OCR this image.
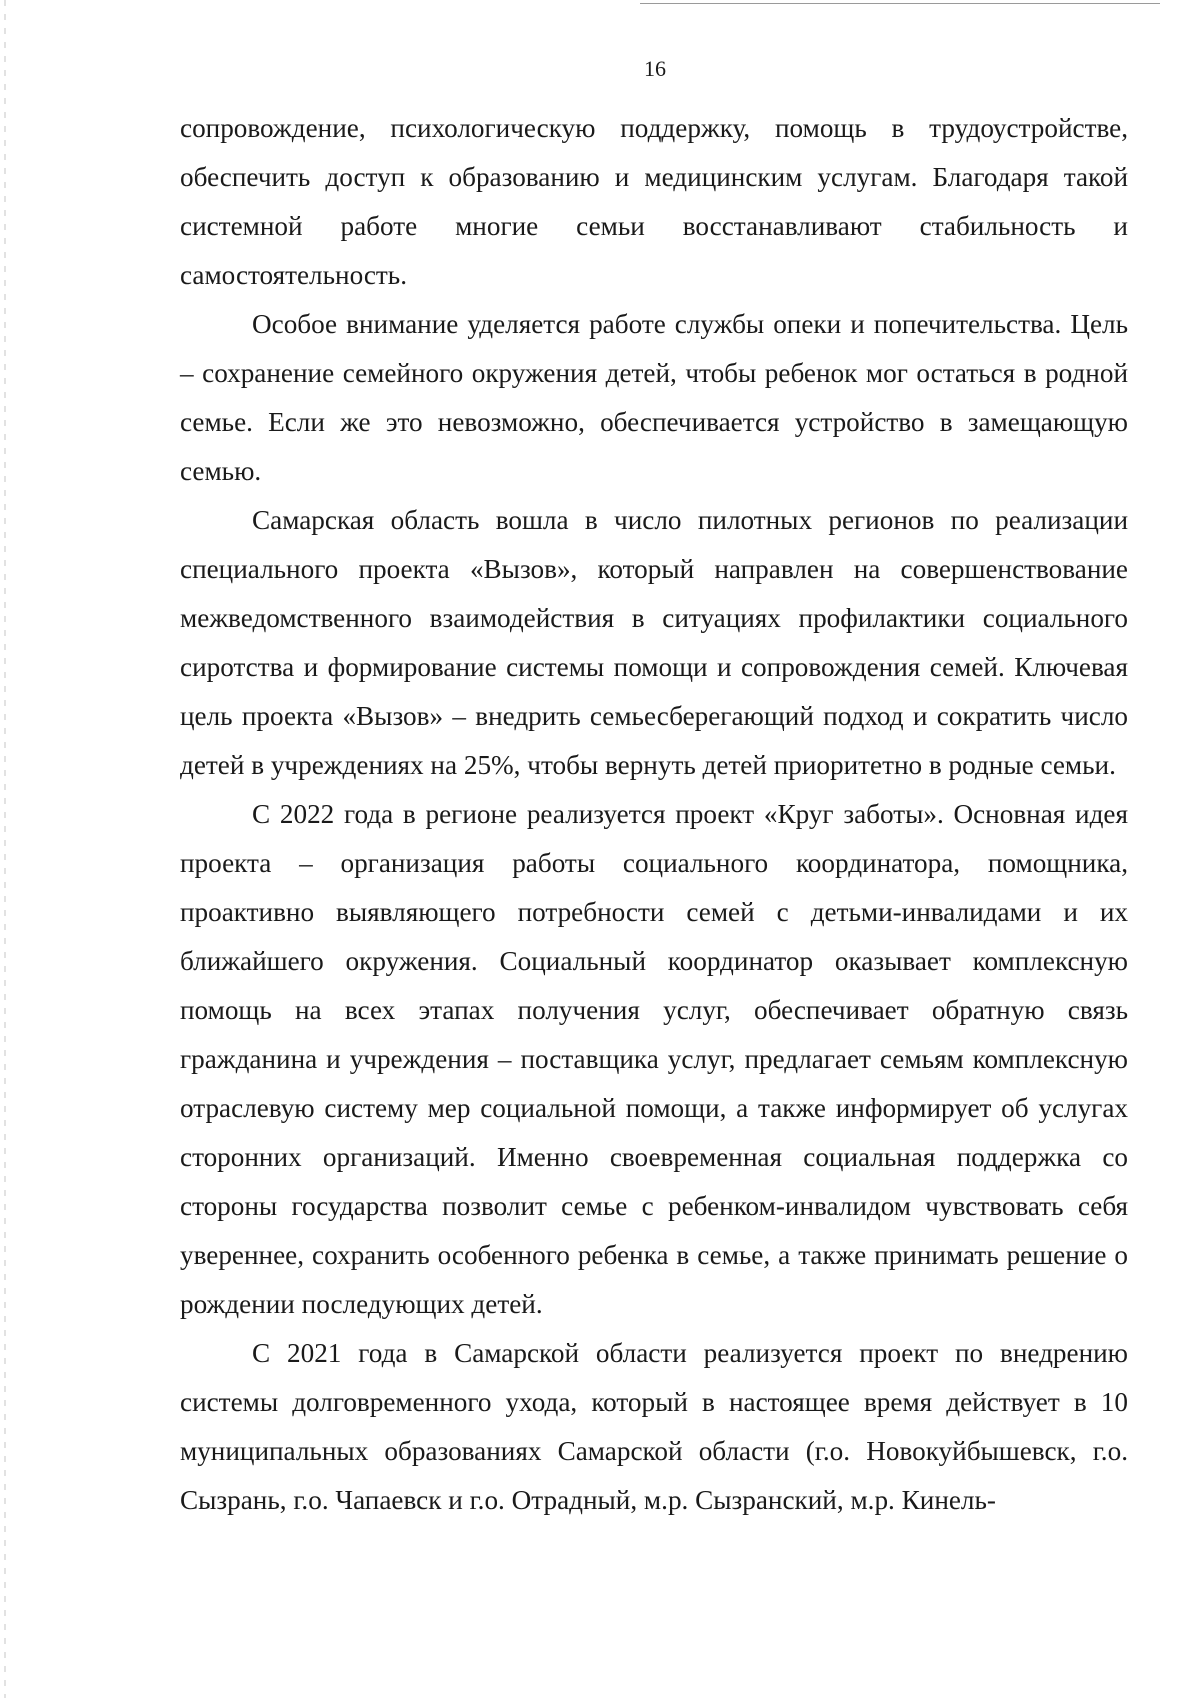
16

сопровождение, психологическую поддержку, помощь в трудоустройстве, обеспечить доступ к образованию и медицинским услугам. Благодаря такой системной работе многие семьи восстанавливают стабильность и самостоятельность.

Особое внимание уделяется работе службы опеки и попечительства. Цель – сохранение семейного окружения детей, чтобы ребенок мог остаться в родной семье. Если же это невозможно, обеспечивается устройство в замещающую семью.

Самарская область вошла в число пилотных регионов по реализации специального проекта «Вызов», который направлен на совершенствование межведомственного взаимодействия в ситуациях профилактики социального сиротства и формирование системы помощи и сопровождения семей. Ключевая цель проекта «Вызов» – внедрить семьесберегающий подход и сократить число детей в учреждениях на 25%, чтобы вернуть детей приоритетно в родные семьи.

С 2022 года в регионе реализуется проект «Круг заботы». Основная идея проекта – организация работы социального координатора, помощника, проактивно выявляющего потребности семей с детьми-инвалидами и их ближайшего окружения. Социальный координатор оказывает комплексную помощь на всех этапах получения услуг, обеспечивает обратную связь гражданина и учреждения – поставщика услуг, предлагает семьям комплексную отраслевую систему мер социальной помощи, а также информирует об услугах сторонних организаций. Именно своевременная социальная поддержка со стороны государства позволит семье с ребенком-инвалидом чувствовать себя увереннее, сохранить особенного ребенка в семье, а также принимать решение о рождении последующих детей.

С 2021 года в Самарской области реализуется проект по внедрению системы долговременного ухода, который в настоящее время действует в 10 муниципальных образованиях Самарской области (г.о. Новокуйбышевск, г.о. Сызрань, г.о. Чапаевск и г.о. Отрадный, м.р. Сызранский, м.р. Кинель-
